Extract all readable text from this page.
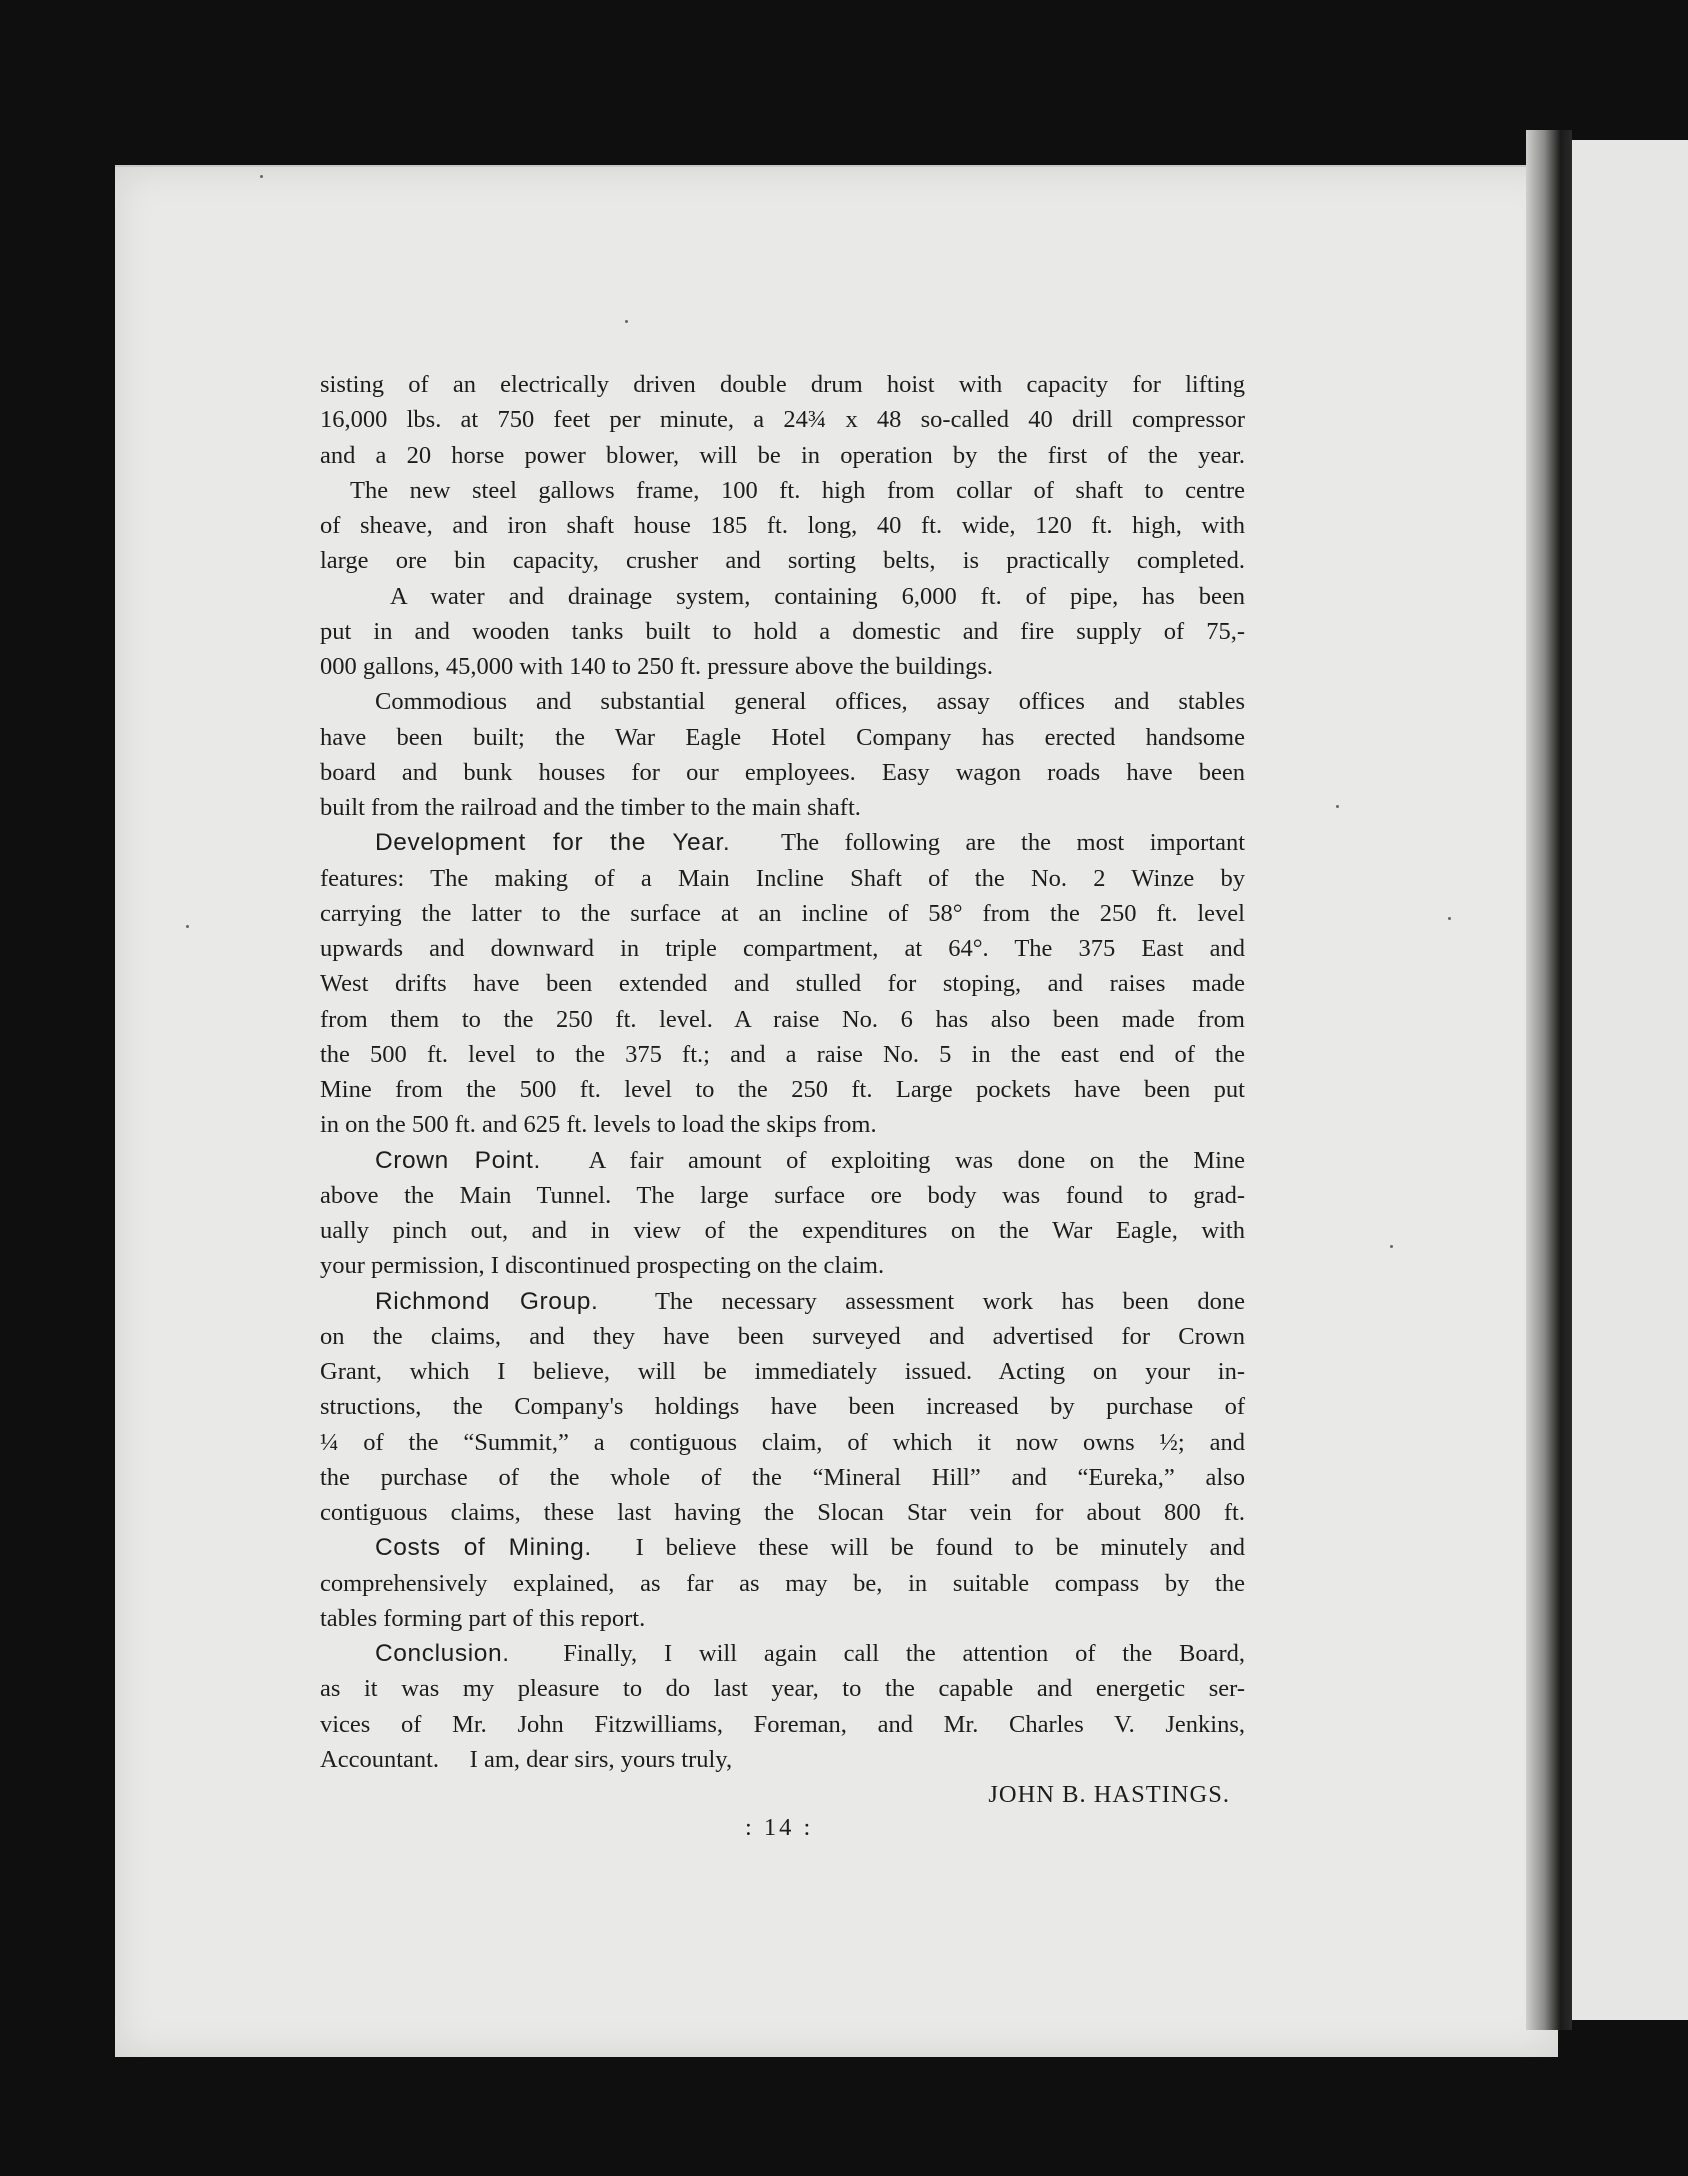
sisting of an electrically driven double drum hoist with capacity for lifting
16,000 lbs. at 750 feet per minute, a 24¾ x 48 so-called 40 drill compressor
and a 20 horse power blower, will be in operation by the first of the year.
The new steel gallows frame, 100 ft. high from collar of shaft to centre
of sheave, and iron shaft house 185 ft. long, 40 ft. wide, 120 ft. high, with
large ore bin capacity, crusher and sorting belts, is practically completed.
A water and drainage system, containing 6,000 ft. of pipe, has been
put in and wooden tanks built to hold a domestic and fire supply of 75,-
000 gallons, 45,000 with 140 to 250 ft. pressure above the buildings.
Commodious and substantial general offices, assay offices and stables
have been built; the War Eagle Hotel Company has erected handsome
board and bunk houses for our employees. Easy wagon roads have been
built from the railroad and the timber to the main shaft.
Development for the Year. The following are the most important
features: The making of a Main Incline Shaft of the No. 2 Winze by
carrying the latter to the surface at an incline of 58° from the 250 ft. level
upwards and downward in triple compartment, at 64°. The 375 East and
West drifts have been extended and stulled for stoping, and raises made
from them to the 250 ft. level. A raise No. 6 has also been made from
the 500 ft. level to the 375 ft.; and a raise No. 5 in the east end of the
Mine from the 500 ft. level to the 250 ft. Large pockets have been put
in on the 500 ft. and 625 ft. levels to load the skips from.
Crown Point. A fair amount of exploiting was done on the Mine
above the Main Tunnel. The large surface ore body was found to grad-
ually pinch out, and in view of the expenditures on the War Eagle, with
your permission, I discontinued prospecting on the claim.
Richmond Group. The necessary assessment work has been done
on the claims, and they have been surveyed and advertised for Crown
Grant, which I believe, will be immediately issued. Acting on your in-
structions, the Company's holdings have been increased by purchase of
¼ of the “Summit,” a contiguous claim, of which it now owns ½; and
the purchase of the whole of the “Mineral Hill” and “Eureka,” also
contiguous claims, these last having the Slocan Star vein for about 800 ft.
Costs of Mining. I believe these will be found to be minutely and
comprehensively explained, as far as may be, in suitable compass by the
tables forming part of this report.
Conclusion. Finally, I will again call the attention of the Board,
as it was my pleasure to do last year, to the capable and energetic ser-
vices of Mr. John Fitzwilliams, Foreman, and Mr. Charles V. Jenkins,
Accountant.     I am, dear sirs, yours truly,
JOHN B. HASTINGS.
: 14 :
